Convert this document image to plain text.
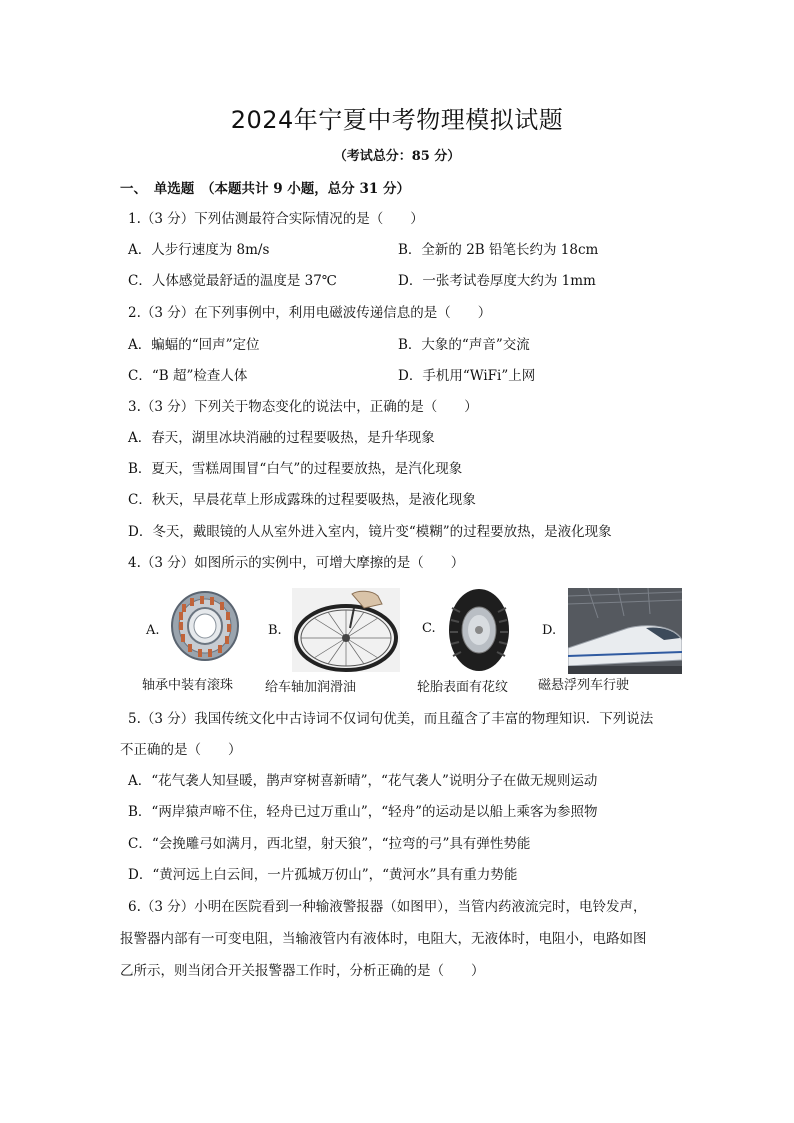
2024年宁夏中考物理模拟试题
（考试总分：85 分）
一、　单选题　（本题共计 9 小题，总分 31 分）
1.（3 分）下列估测最符合实际情况的是（　　）
A．人步行速度为 8m/s	B．全新的 2B 铅笔长约为 18cm
C．人体感觉最舒适的温度是 37℃	D．一张考试卷厚度大约为 1mm
2.（3 分）在下列事例中，利用电磁波传递信息的是（　　）
A．蝙蝠的“回声”定位	B．大象的“声音”交流
C．“B 超”检查人体	D．手机用“WiFi”上网
3.（3 分）下列关于物态变化的说法中，正确的是（　　）
A．春天，湖里冰块消融的过程要吸热，是升华现象
B．夏天，雪糕周围冒“白气”的过程要放热，是汽化现象
C．秋天，早晨花草上形成露珠的过程要吸热，是液化现象
D．冬天，戴眼镜的人从室外进入室内，镜片变“模糊”的过程要放热，是液化现象
4.（3 分）如图所示的实例中，可增大摩擦的是（　　）
A.
轴承中装有滚珠
B.
给车轴加润滑油
C.
轮胎表面有花纹
D.
磁悬浮列车行驶
5.（3 分）我国传统文化中古诗词不仅词句优美，而且蕴含了丰富的物理知识．下列说法
不正确的是（　　）
A．“花气袭人知昼暖，鹊声穿树喜新晴”，“花气袭人”说明分子在做无规则运动
B．“两岸猿声啼不住，轻舟已过万重山”，“轻舟”的运动是以船上乘客为参照物
C．“会挽雕弓如满月，西北望，射天狼”，“拉弯的弓”具有弹性势能
D．“黄河远上白云间，一片孤城万仞山”，“黄河水”具有重力势能
6.（3 分）小明在医院看到一种输液警报器（如图甲），当管内药液流完时，电铃发声，
报警器内部有一可变电阻，当输液管内有液体时，电阻大，无液体时，电阻小，电路如图
乙所示，则当闭合开关报警器工作时，分析正确的是（　　）
